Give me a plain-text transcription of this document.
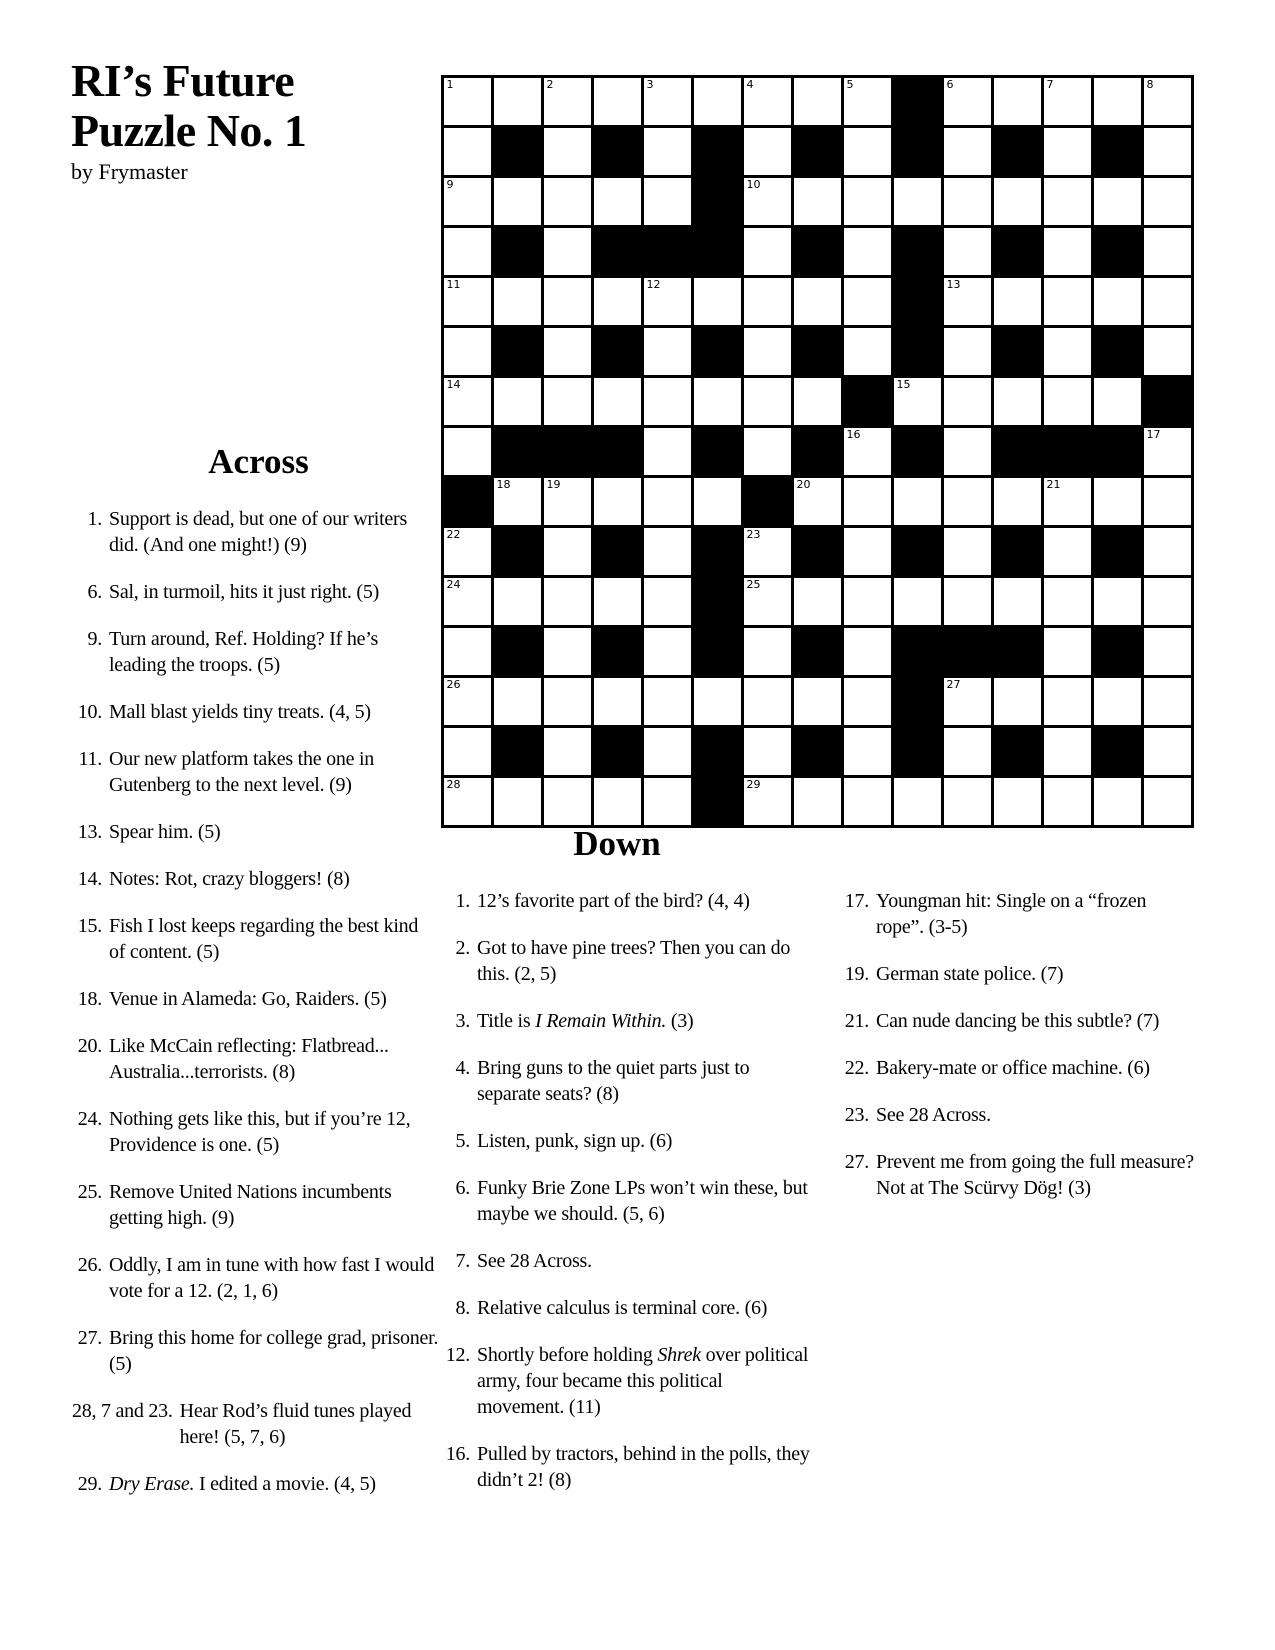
RI’s Future
Puzzle No. 1
by Frymaster
1	2	3	4	5	6	7	8
9	10
11	12	13
14	15
16	17
18	19	20	21
22	23
24	25
26	27
28	29
Across
1. Support is dead, but one of our writers did. (And one might!) (9)
6. Sal, in turmoil, hits it just right. (5)
9. Turn around, Ref. Holding? If he’s leading the troops. (5)
10. Mall blast yields tiny treats. (4, 5)
11. Our new platform takes the one in Gutenberg to the next level. (9)
13. Spear him. (5)
14. Notes: Rot, crazy bloggers! (8)
15. Fish I lost keeps regarding the best kind of content. (5)
18. Venue in Alameda: Go, Raiders. (5)
20. Like McCain reflecting: Flatbread... Australia...terrorists. (8)
24. Nothing gets like this, but if you’re 12, Providence is one. (5)
25. Remove United Nations incumbents getting high. (9)
26. Oddly, I am in tune with how fast I would vote for a 12. (2, 1, 6)
27. Bring this home for college grad, prisoner. (5)
28, 7 and 23. Hear Rod’s fluid tunes played here! (5, 7, 6)
29. Dry Erase. I edited a movie. (4, 5)
Down
1. 12’s favorite part of the bird? (4, 4)
2. Got to have pine trees? Then you can do this. (2, 5)
3. Title is I Remain Within. (3)
4. Bring guns to the quiet parts just to separate seats? (8)
5. Listen, punk, sign up. (6)
6. Funky Brie Zone LPs won’t win these, but maybe we should. (5, 6)
7. See 28 Across.
8. Relative calculus is terminal core. (6)
12. Shortly before holding Shrek over political army, four became this political movement. (11)
16. Pulled by tractors, behind in the polls, they didn’t 2! (8)
17. Youngman hit: Single on a “frozen rope”. (3-5)
19. German state police. (7)
21. Can nude dancing be this subtle? (7)
22. Bakery-mate or office machine. (6)
23. See 28 Across.
27. Prevent me from going the full measure? Not at The Scürvy Dög! (3)
